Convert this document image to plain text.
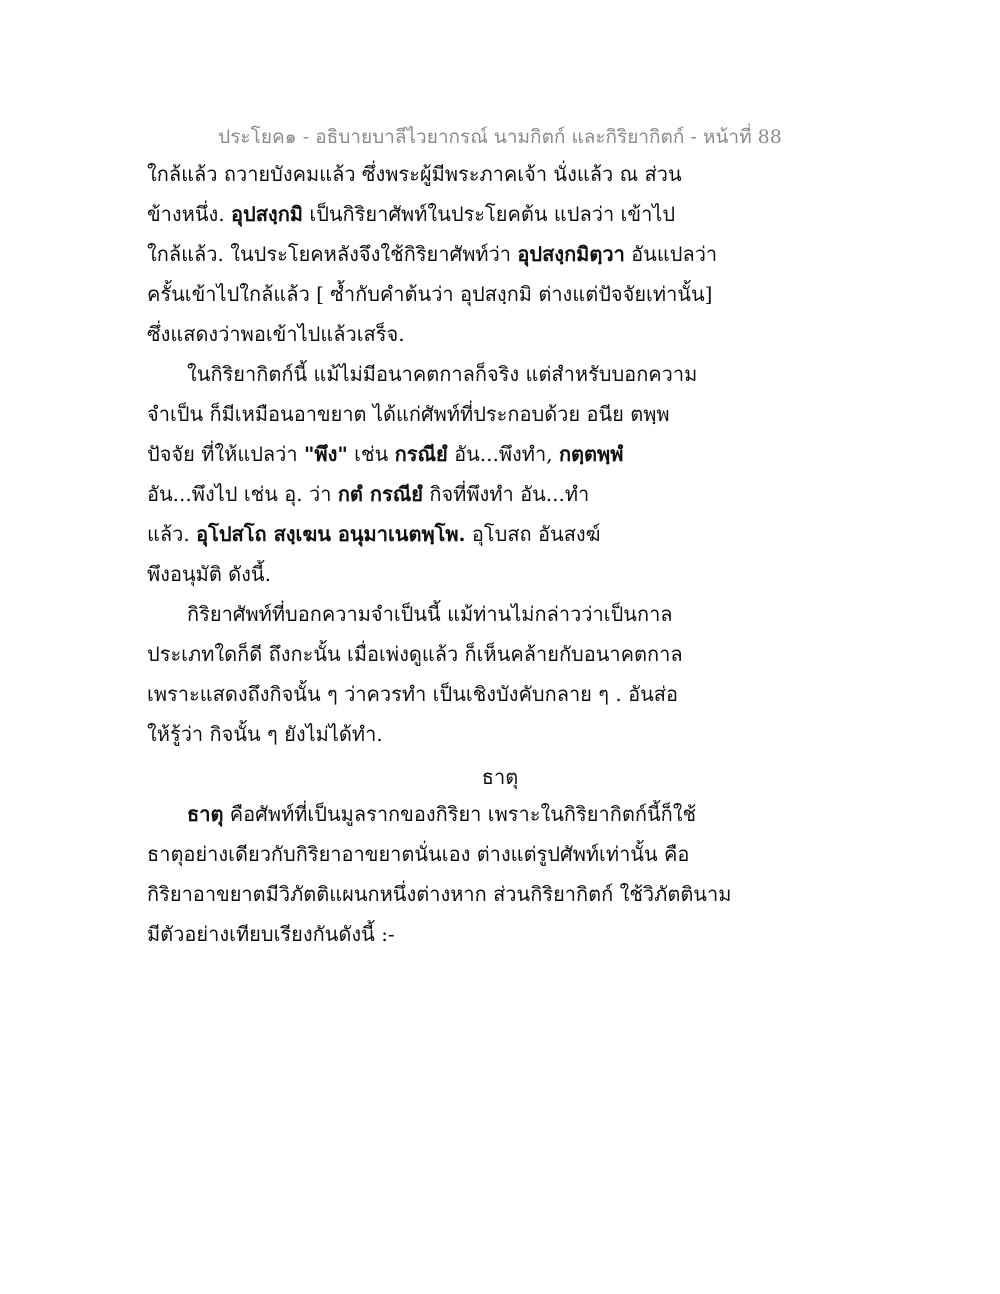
ประโยค๑ - อธิบายบาลีไวยากรณ์ นามกิตก์ และกิริยากิตก์ - หน้าที่ 88
ใกล้แล้ว ถวายบังคมแล้ว ซึ่งพระผู้มีพระภาคเจ้า นั่งแล้ว ณ ส่วน
ข้างหนึ่ง. อุปสงฺกมิ เป็นกิริยาศัพท์ในประโยคต้น แปลว่า เข้าไป
ใกล้แล้ว. ในประโยคหลังจึงใช้กิริยาศัพท์ว่า อุปสงฺกมิตฺวา อันแปลว่า
ครั้นเข้าไปใกล้แล้ว [ ซ้ำกับคำต้นว่า อุปสงฺกมิ ต่างแต่ปัจจัยเท่านั้น]
ซึ่งแสดงว่าพอเข้าไปแล้วเสร็จ.
ในกิริยากิตก์นี้ แม้ไม่มีอนาคตกาลก็จริง แต่สำหรับบอกความ
จำเป็น ก็มีเหมือนอาขยาต ได้แก่ศัพท์ที่ประกอบด้วย อนีย ตพฺพ
ปัจจัย ที่ให้แปลว่า "พึง" เช่น กรณียํ อัน...พึงทำ, กตฺตพฺพํ
อัน...พึงไป เช่น อุ. ว่า กตํ กรณียํ กิจที่พึงทำ อัน...ทำ
แล้ว. อุโปสโถ สงฺเฆน อนุมาเนตพฺโพ. อุโบสถ อันสงฆ์
พึงอนุมัติ ดังนี้.
กิริยาศัพท์ที่บอกความจำเป็นนี้ แม้ท่านไม่กล่าวว่าเป็นกาล
ประเภทใดก็ดี ถึงกะนั้น เมื่อเพ่งดูแล้ว ก็เห็นคล้ายกับอนาคตกาล
เพราะแสดงถึงกิจนั้น ๆ ว่าควรทำ เป็นเชิงบังคับกลาย ๆ . อันส่อ
ให้รู้ว่า กิจนั้น ๆ ยังไม่ได้ทำ.
ธาตุ
ธาตุ คือศัพท์ที่เป็นมูลรากของกิริยา เพราะในกิริยากิตก์นี้ก็ใช้
ธาตุอย่างเดียวกับกิริยาอาขยาตนั่นเอง ต่างแต่รูปศัพท์เท่านั้น คือ
กิริยาอาขยาตมีวิภัตติแผนกหนึ่งต่างหาก ส่วนกิริยากิตก์ ใช้วิภัตตินาม
มีตัวอย่างเทียบเรียงกันดังนี้ :-
